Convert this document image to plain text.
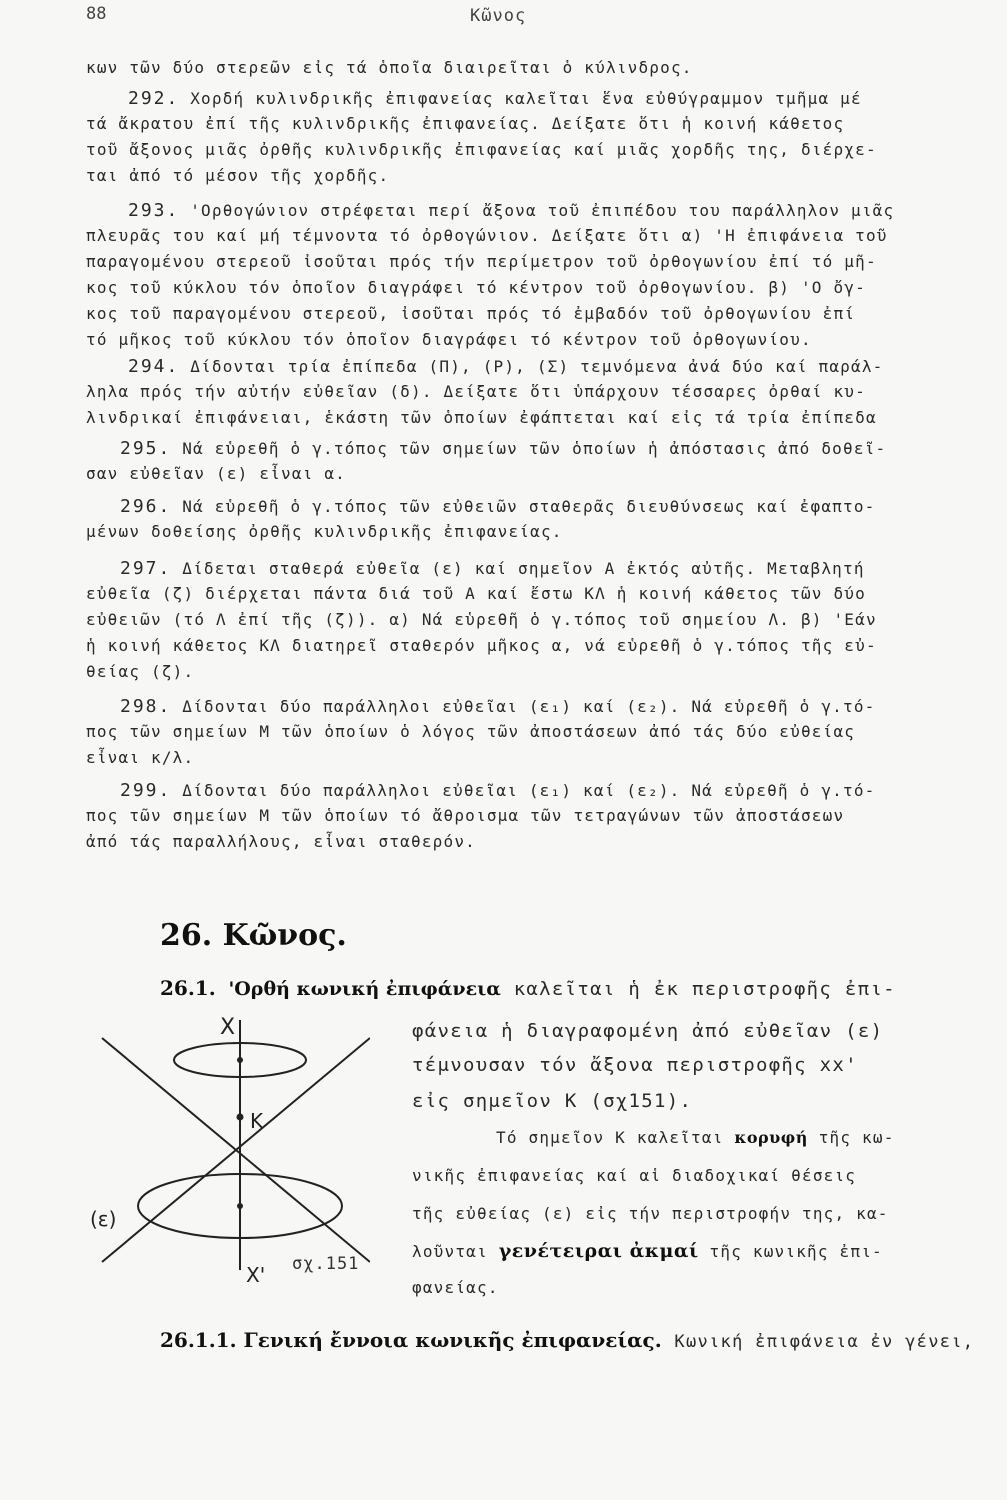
88	Κῶνος
κων τῶν δύο στερεῶν εἰς τά ὁποῖα διαιρεῖται ὁ κύλινδρος.
292. Χορδή κυλινδρικῆς ἐπιφανείας καλεῖται ἕνα εὐθύγραμμον τμῆμα μέ
τά ἄκρατου ἐπί τῆς κυλινδρικῆς ἐπιφανείας. Δείξατε ὅτι ἡ κοινή κάθετος
τοῦ ἄξονος μιᾶς ὀρθῆς κυλινδρικῆς ἐπιφανείας καί μιᾶς χορδῆς της, διέρχε-
ται ἀπό τό μέσον τῆς χορδῆς.
293. 'Ορθογώνιον στρέφεται περί ἄξονα τοῦ ἐπιπέδου του παράλληλον μιᾶς
πλευρᾶς του καί μή τέμνοντα τό ὀρθογώνιον. Δείξατε ὅτι α) 'Η ἐπιφάνεια τοῦ
παραγομένου στερεοῦ ἰσοῦται πρός τήν περίμετρον τοῦ ὀρθογωνίου ἐπί τό μῆ-
κος τοῦ κύκλου τόν ὁποῖον διαγράφει τό κέντρον τοῦ ὀρθογωνίου. β) 'Ο ὄγ-
κος τοῦ παραγομένου στερεοῦ, ἰσοῦται πρός τό ἐμβαδόν τοῦ ὀρθογωνίου ἐπί
τό μῆκος τοῦ κύκλου τόν ὁποῖον διαγράφει τό κέντρον τοῦ ὀρθογωνίου.
294. Δίδονται τρία ἐπίπεδα (Π), (Ρ), (Σ) τεμνόμενα ἀνά δύο καί παράλ-
ληλα πρός τήν αὐτήν εὐθεῖαν (δ). Δείξατε ὅτι ὑπάρχουν τέσσαρες ὀρθαί κυ-
λινδρικαί ἐπιφάνειαι, ἑκάστη τῶν ὁποίων ἐφάπτεται καί εἰς τά τρία ἐπίπεδα
295. Νά εὑρεθῆ ὁ γ.τόπος τῶν σημείων τῶν ὁποίων ἡ ἀπόστασις ἀπό δοθεῖ-
σαν εὐθεῖαν (ε) εἶναι α.
296. Νά εὑρεθῆ ὁ γ.τόπος τῶν εὐθειῶν σταθερᾶς διευθύνσεως καί ἐφαπτο-
μένων δοθείσης ὀρθῆς κυλινδρικῆς ἐπιφανείας.
297. Δίδεται σταθερά εὐθεῖα (ε) καί σημεῖον Α ἐκτός αὐτῆς. Μεταβλητή
εὐθεῖα (ζ) διέρχεται πάντα διά τοῦ Α καί ἔστω ΚΛ ἡ κοινή κάθετος τῶν δύο
εὐθειῶν (τό Λ ἐπί τῆς (ζ)). α) Νά εὑρεθῆ ὁ γ.τόπος τοῦ σημείου Λ. β) 'Εάν
ἡ κοινή κάθετος ΚΛ διατηρεῖ σταθερόν μῆκος α, νά εὑρεθῆ ὁ γ.τόπος τῆς εὐ-
θείας (ζ).
298. Δίδονται δύο παράλληλοι εὐθεῖαι (ε₁) καί (ε₂). Νά εὑρεθῆ ὁ γ.τό-
πος τῶν σημείων Μ τῶν ὁποίων ὁ λόγος τῶν ἀποστάσεων ἀπό τάς δύο εὐθείας
εἶναι κ/λ.
299. Δίδονται δύο παράλληλοι εὐθεῖαι (ε₁) καί (ε₂). Νά εὑρεθῆ ὁ γ.τό-
πος τῶν σημείων Μ τῶν ὁποίων τό ἄθροισμα τῶν τετραγώνων τῶν ἀποστάσεων
ἀπό τάς παραλλήλους, εἶναι σταθερόν.
26. Κῶνος.
26.1. 'Ορθή κωνική ἐπιφάνεια καλεῖται ἡ ἐκ περιστροφῆς ἐπι-
φάνεια ἡ διαγραφομένη ἀπό εὐθεῖαν (ε)
τέμνουσαν τόν ἄξονα περιστροφῆς xx'
εἰς σημεῖον Κ (σχ151).
Τό σημεῖον Κ καλεῖται κορυφή τῆς κω-
νικῆς ἐπιφανείας καί αἱ διαδοχικαί θέσεις
τῆς εὐθείας (ε) εἰς τήν περιστροφήν της, κα-
λοῦνται γενέτειραι ἀκμαί τῆς κωνικῆς ἐπι-
φανείας.
X
K
(ε)
X' σχ.151
26.1.1. Γενική ἔννοια κωνικῆς ἐπιφανείας. Κωνική ἐπιφάνεια ἐν γένει,
